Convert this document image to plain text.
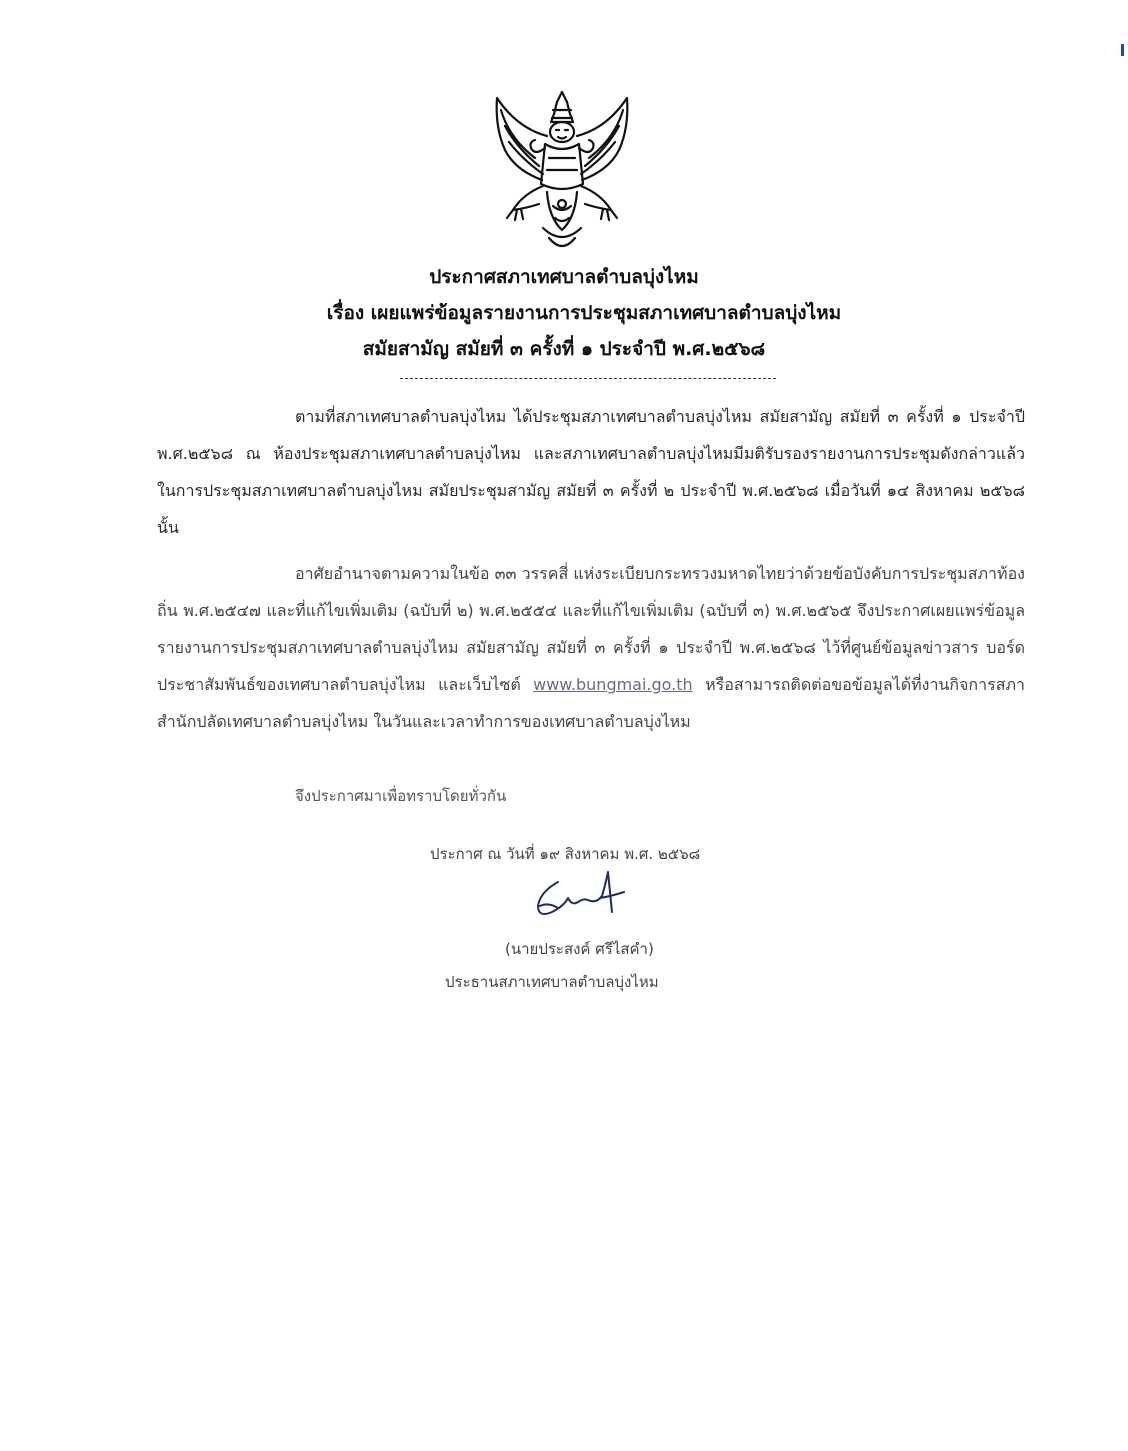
ประกาศสภาเทศบาลตำบลบุ่งไหม
เรื่อง เผยแพร่ข้อมูลรายงานการประชุมสภาเทศบาลตำบลบุ่งไหม
สมัยสามัญ สมัยที่ ๓ ครั้งที่ ๑ ประจำปี พ.ศ.๒๕๖๘
ตามที่สภาเทศบาลตำบลบุ่งไหม ได้ประชุมสภาเทศบาลตำบลบุ่งไหม สมัยสามัญ สมัยที่ ๓ ครั้งที่ ๑ ประจำปี พ.ศ.๒๕๖๘ ณ ห้องประชุมสภาเทศบาลตำบลบุ่งไหม และสภาเทศบาลตำบลบุ่งไหมมีมติรับรองรายงานการประชุมดังกล่าวแล้ว ในการประชุมสภาเทศบาลตำบลบุ่งไหม สมัยประชุมสามัญ สมัยที่ ๓ ครั้งที่ ๒ ประจำปี พ.ศ.๒๕๖๘ เมื่อวันที่ ๑๔ สิงหาคม ๒๕๖๘ นั้น
อาศัยอำนาจตามความในข้อ ๓๓ วรรคสี่ แห่งระเบียบกระทรวงมหาดไทยว่าด้วยข้อบังคับการประชุมสภาท้องถิ่น พ.ศ.๒๕๔๗ และที่แก้ไขเพิ่มเติม (ฉบับที่ ๒) พ.ศ.๒๕๕๔ และที่แก้ไขเพิ่มเติม (ฉบับที่ ๓) พ.ศ.๒๕๖๕ จึงประกาศเผยแพร่ข้อมูลรายงานการประชุมสภาเทศบาลตำบลบุ่งไหม สมัยสามัญ สมัยที่ ๓ ครั้งที่ ๑ ประจำปี พ.ศ.๒๕๖๘ ไว้ที่ศูนย์ข้อมูลข่าวสาร บอร์ดประชาสัมพันธ์ของเทศบาลตำบลบุ่งไหม และเว็บไซต์ www.bungmai.go.th หรือสามารถติดต่อขอข้อมูลได้ที่งานกิจการสภา สำนักปลัดเทศบาลตำบลบุ่งไหม ในวันและเวลาทำการของเทศบาลตำบลบุ่งไหม
จึงประกาศมาเพื่อทราบโดยทั่วกัน
ประกาศ ณ วันที่ ๑๙ สิงหาคม พ.ศ. ๒๕๖๘
(นายประสงค์ ศรีไสคำ)
ประธานสภาเทศบาลตำบลบุ่งไหม
